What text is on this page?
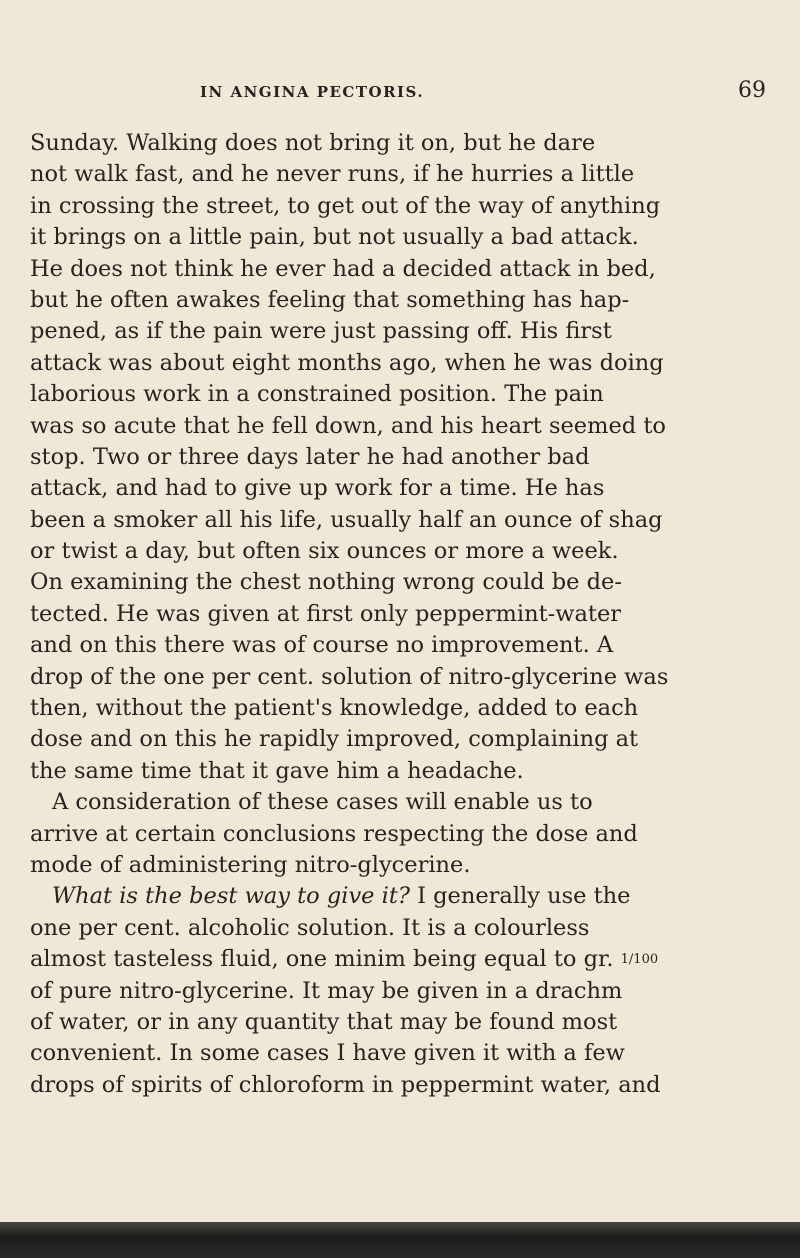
IN ANGINA PECTORIS.	69
Sunday. Walking does not bring it on, but he dare
not walk fast, and he never runs, if he hurries a little
in crossing the street, to get out of the way of anything
it brings on a little pain, but not usually a bad attack.
He does not think he ever had a decided attack in bed,
but he often awakes feeling that something has hap-
pened, as if the pain were just passing off. His first
attack was about eight months ago, when he was doing
laborious work in a constrained position. The pain
was so acute that he fell down, and his heart seemed to
stop. Two or three days later he had another bad
attack, and had to give up work for a time. He has
been a smoker all his life, usually half an ounce of shag
or twist a day, but often six ounces or more a week.
On examining the chest nothing wrong could be de-
tected. He was given at first only peppermint-water
and on this there was of course no improvement. A
drop of the one per cent. solution of nitro-glycerine was
then, without the patient's knowledge, added to each
dose and on this he rapidly improved, complaining at
the same time that it gave him a headache.
A consideration of these cases will enable us to
arrive at certain conclusions respecting the dose and
mode of administering nitro-glycerine.
What is the best way to give it? I generally use the
one per cent. alcoholic solution. It is a colourless
almost tasteless fluid, one minim being equal to gr.
1/100
of pure nitro-glycerine. It may be given in a drachm
of water, or in any quantity that may be found most
convenient. In some cases I have given it with a few
drops of spirits of chloroform in peppermint water, and
